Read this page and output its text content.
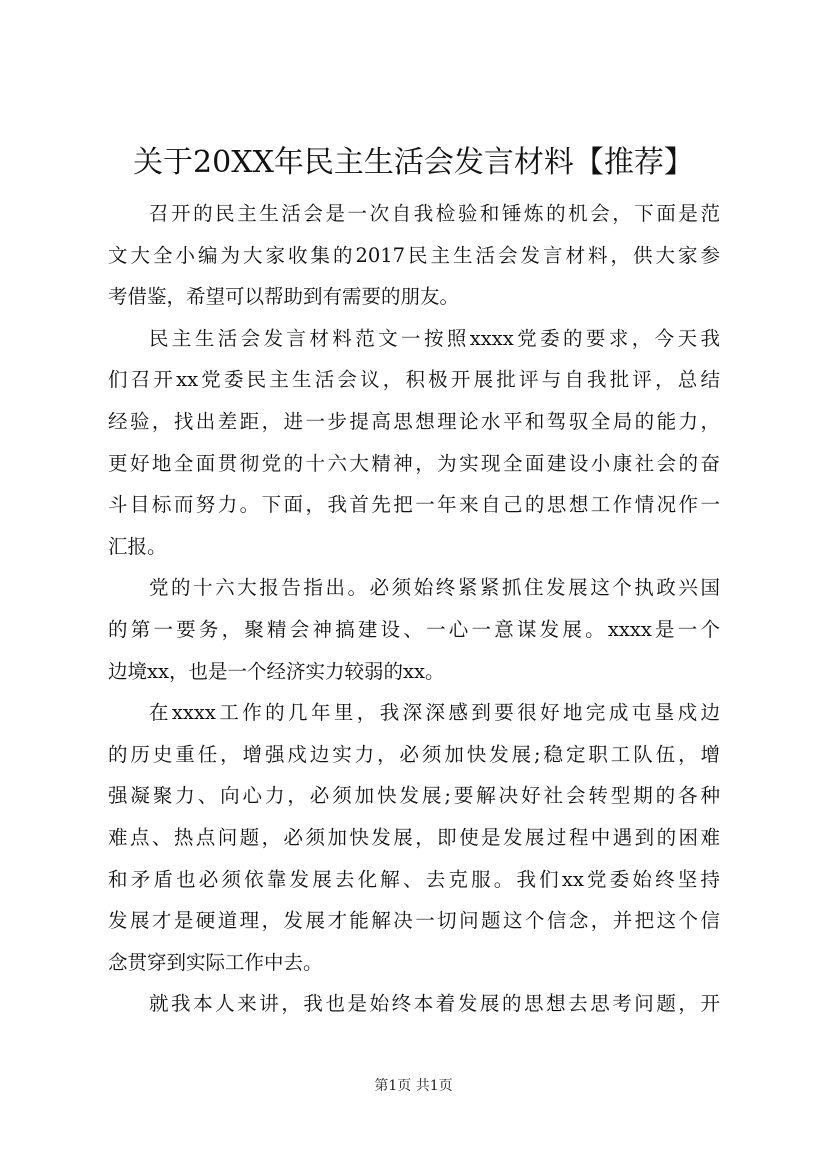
关于20XX年民主生活会发言材料【推荐】
召开的民主生活会是一次自我检验和锤炼的机会，下面是范
文大全小编为大家收集的2017民主生活会发言材料，供大家参
考借鉴，希望可以帮助到有需要的朋友。
民主生活会发言材料范文一按照xxxx党委的要求，今天我
们召开xx党委民主生活会议，积极开展批评与自我批评，总结
经验，找出差距，进一步提高思想理论水平和驾驭全局的能力，
更好地全面贯彻党的十六大精神，为实现全面建设小康社会的奋
斗目标而努力。下面，我首先把一年来自己的思想工作情况作一
汇报。
党的十六大报告指出。必须始终紧紧抓住发展这个执政兴国
的第一要务，聚精会神搞建设、一心一意谋发展。xxxx是一个
边境xx，也是一个经济实力较弱的xx。
在xxxx工作的几年里，我深深感到要很好地完成屯垦戍边
的历史重任，增强戍边实力，必须加快发展;稳定职工队伍，增
强凝聚力、向心力，必须加快发展;要解决好社会转型期的各种
难点、热点问题，必须加快发展，即使是发展过程中遇到的困难
和矛盾也必须依靠发展去化解、去克服。我们xx党委始终坚持
发展才是硬道理，发展才能解决一切问题这个信念，并把这个信
念贯穿到实际工作中去。
就我本人来讲，我也是始终本着发展的思想去思考问题，开
第1页 共1页
